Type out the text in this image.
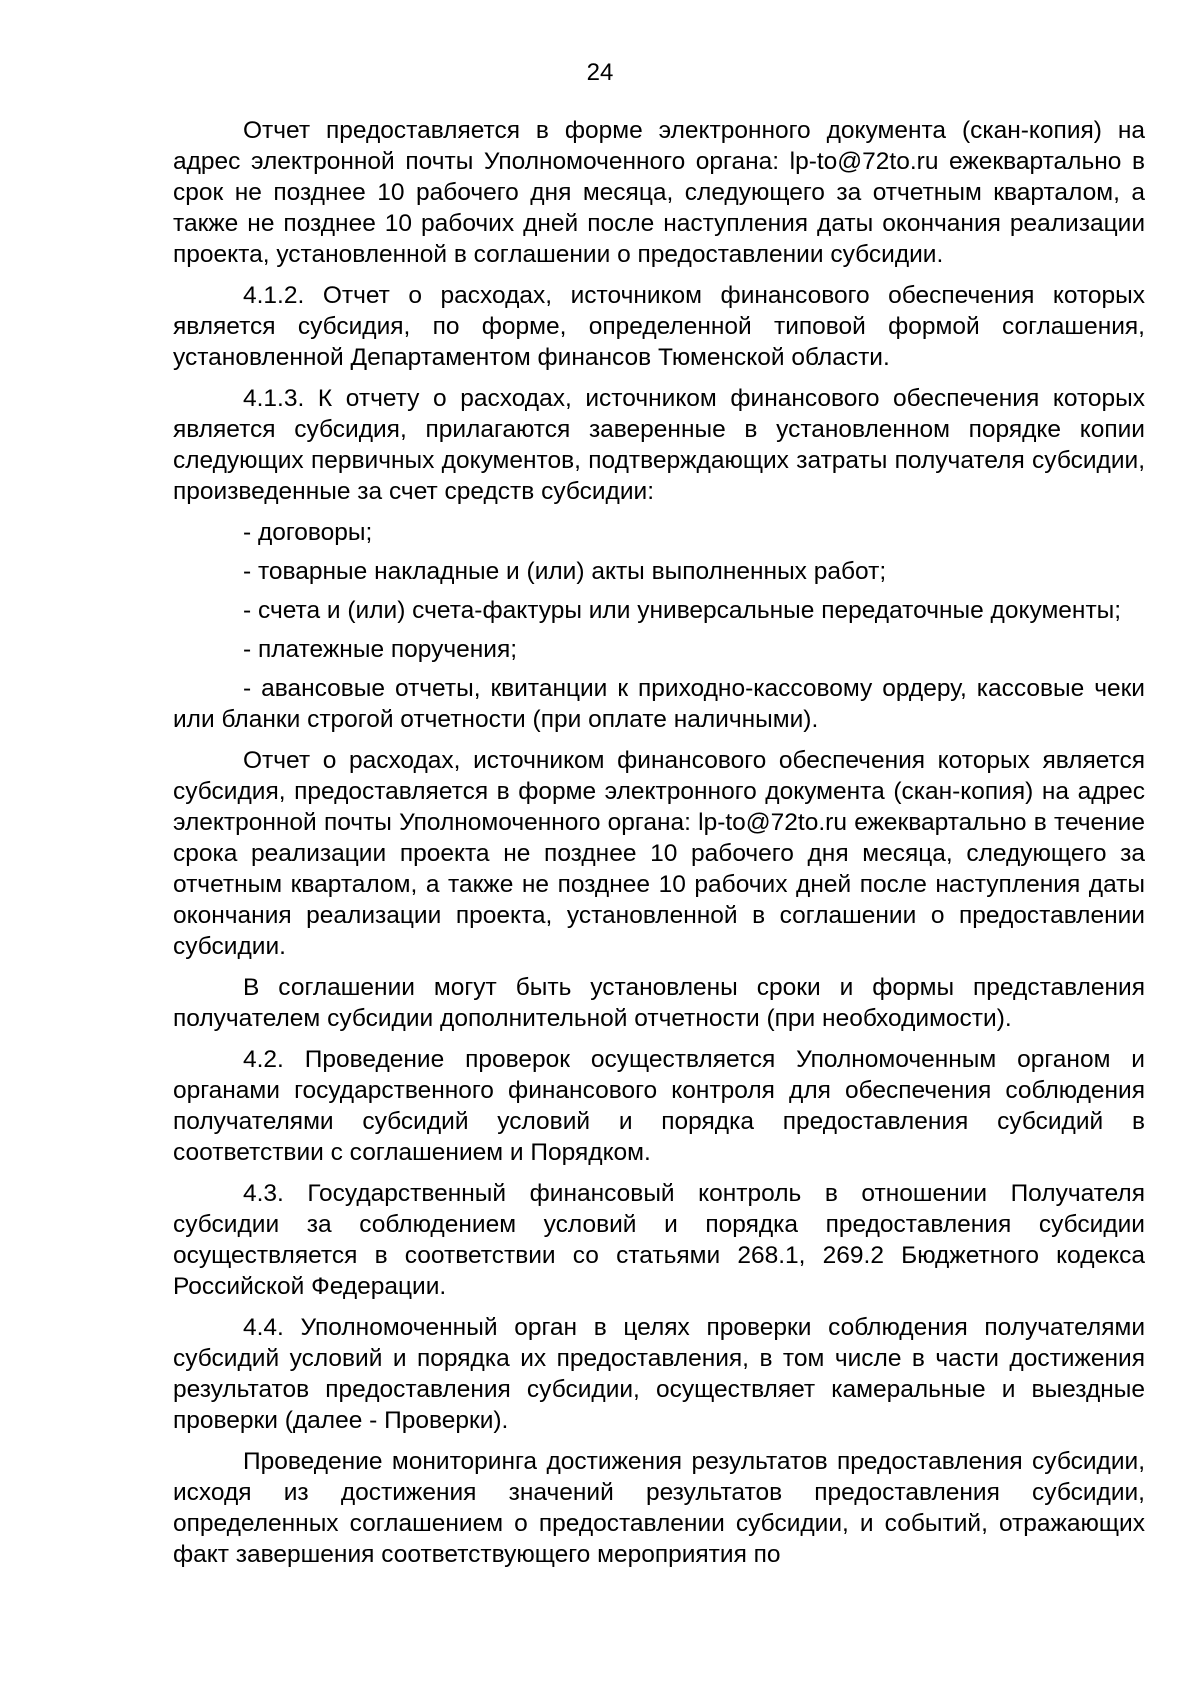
24

Отчет предоставляется в форме электронного документа (скан-копия) на адрес электронной почты Уполномоченного органа: lp-to@72to.ru ежеквартально в срок не позднее 10 рабочего дня месяца, следующего за отчетным кварталом, а также не позднее 10 рабочих дней после наступления даты окончания реализации проекта, установленной в соглашении о предоставлении субсидии.

4.1.2. Отчет о расходах, источником финансового обеспечения которых является субсидия, по форме, определенной типовой формой соглашения, установленной Департаментом финансов Тюменской области.

4.1.3. К отчету о расходах, источником финансового обеспечения которых является субсидия, прилагаются заверенные в установленном порядке копии следующих первичных документов, подтверждающих затраты получателя субсидии, произведенные за счет средств субсидии:

- договоры;

- товарные накладные и (или) акты выполненных работ;

- счета и (или) счета-фактуры или универсальные передаточные документы;

- платежные поручения;

- авансовые отчеты, квитанции к приходно-кассовому ордеру, кассовые чеки или бланки строгой отчетности (при оплате наличными).

Отчет о расходах, источником финансового обеспечения которых является субсидия, предоставляется в форме электронного документа (скан-копия) на адрес электронной почты Уполномоченного органа: lp-to@72to.ru ежеквартально в течение срока реализации проекта не позднее 10 рабочего дня месяца, следующего за отчетным кварталом, а также не позднее 10 рабочих дней после наступления даты окончания реализации проекта, установленной в соглашении о предоставлении субсидии.

В соглашении могут быть установлены сроки и формы представления получателем субсидии дополнительной отчетности (при необходимости).

4.2. Проведение проверок осуществляется Уполномоченным органом и органами государственного финансового контроля для обеспечения соблюдения получателями субсидий условий и порядка предоставления субсидий в соответствии с соглашением и Порядком.

4.3. Государственный финансовый контроль в отношении Получателя субсидии за соблюдением условий и порядка предоставления субсидии осуществляется в соответствии со статьями 268.1, 269.2 Бюджетного кодекса Российской Федерации.

4.4. Уполномоченный орган в целях проверки соблюдения получателями субсидий условий и порядка их предоставления, в том числе в части достижения результатов предоставления субсидии, осуществляет камеральные и выездные проверки (далее - Проверки).

Проведение мониторинга достижения результатов предоставления субсидии, исходя из достижения значений результатов предоставления субсидии, определенных соглашением о предоставлении субсидии, и событий, отражающих факт завершения соответствующего мероприятия по
